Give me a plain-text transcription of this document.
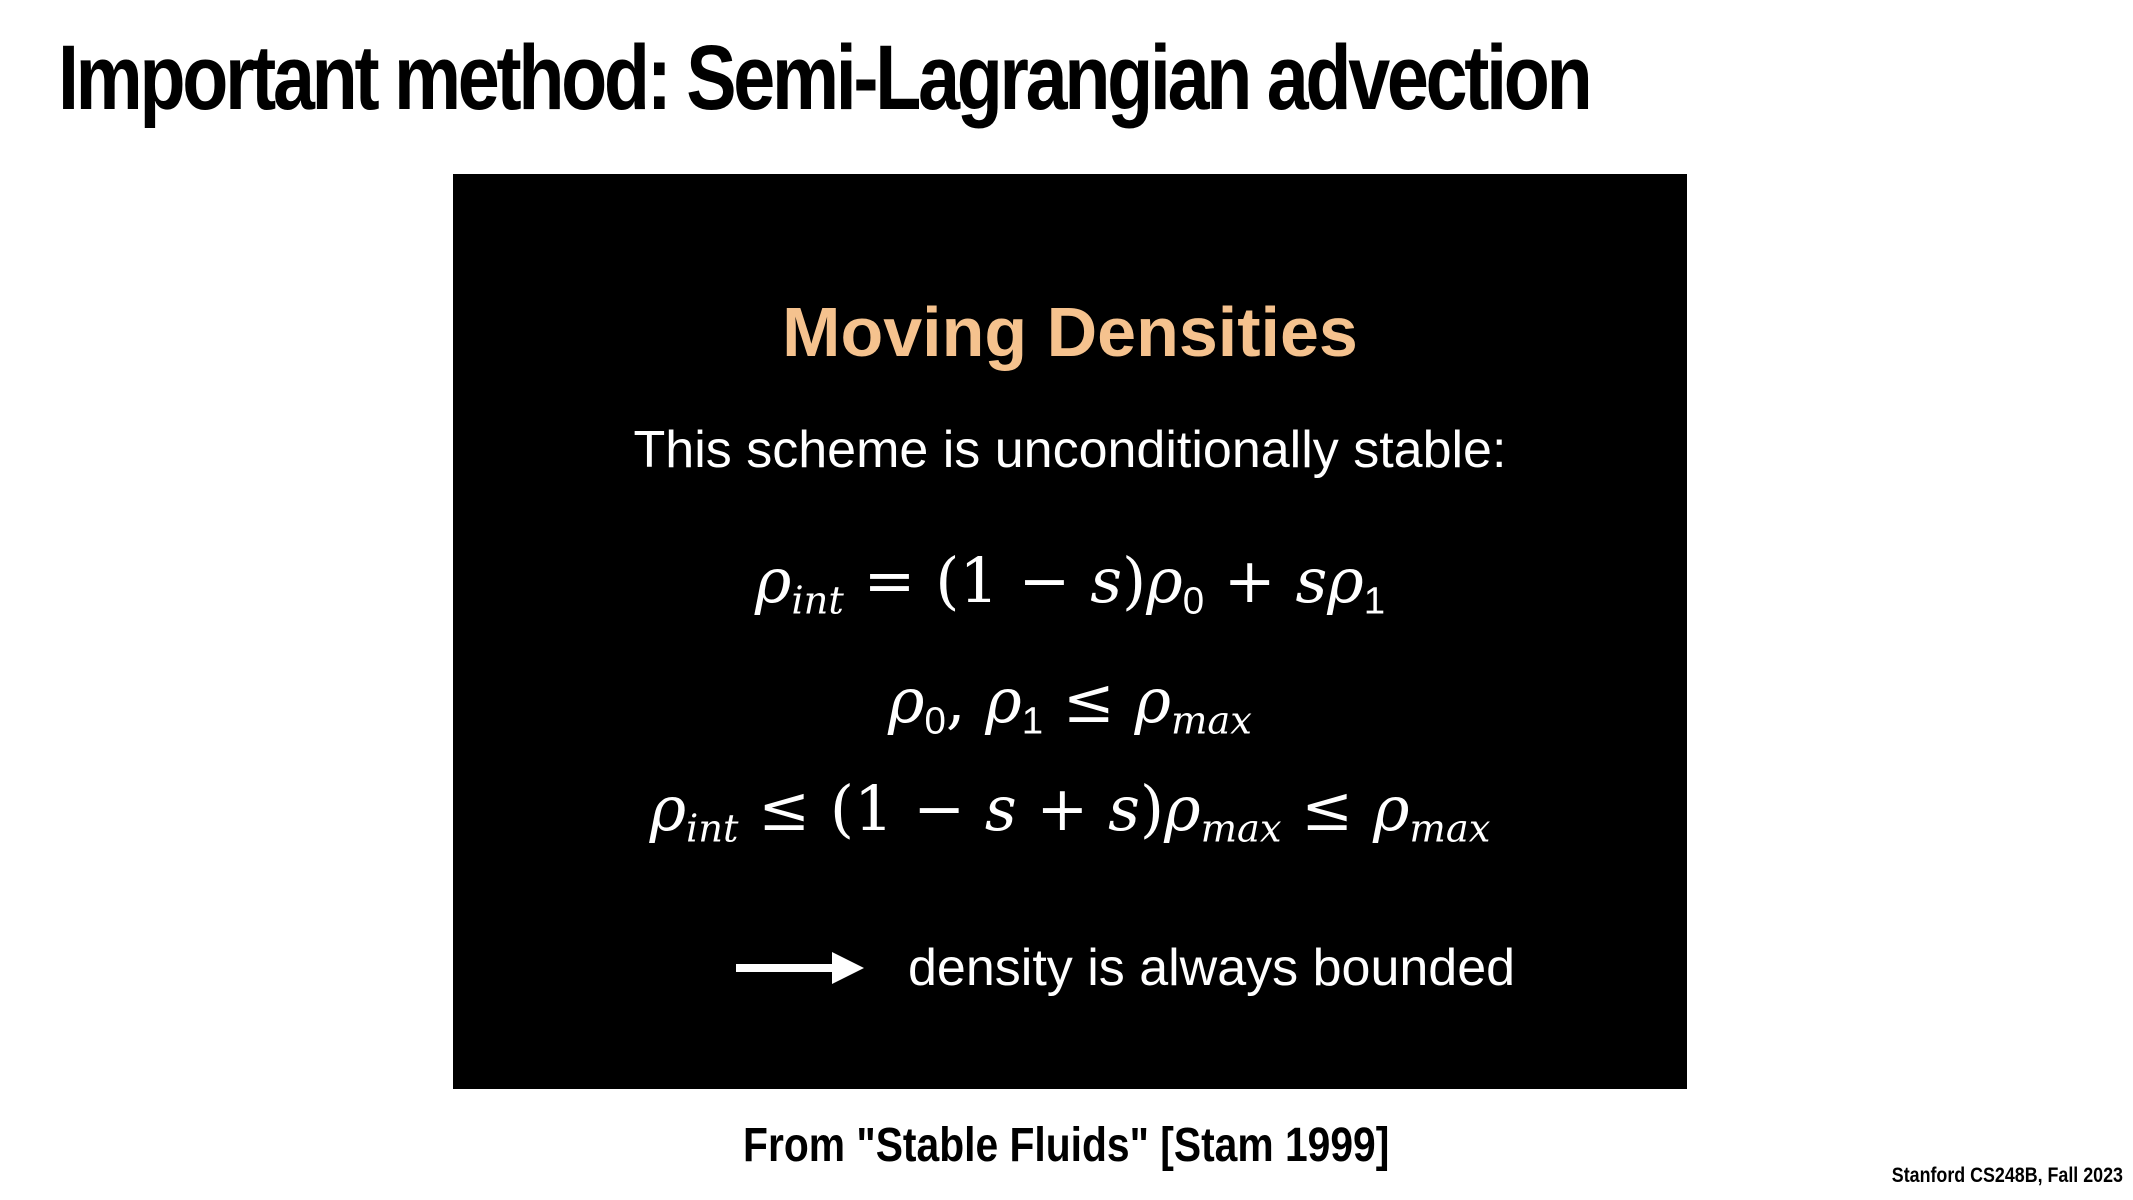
Important method: Semi-Lagrangian advection
Moving Densities
This scheme is unconditionally stable:
$\rho_{int} = (1 - s)\rho_0 + s\rho_1$
$\rho_0$, $\rho_1 \le \rho_{max}$
$\rho_{int} \le (1 - s + s)\rho_{max} \le \rho_{max}$
density is always bounded
From "Stable Fluids" [Stam 1999]
Stanford CS248B, Fall 2023
